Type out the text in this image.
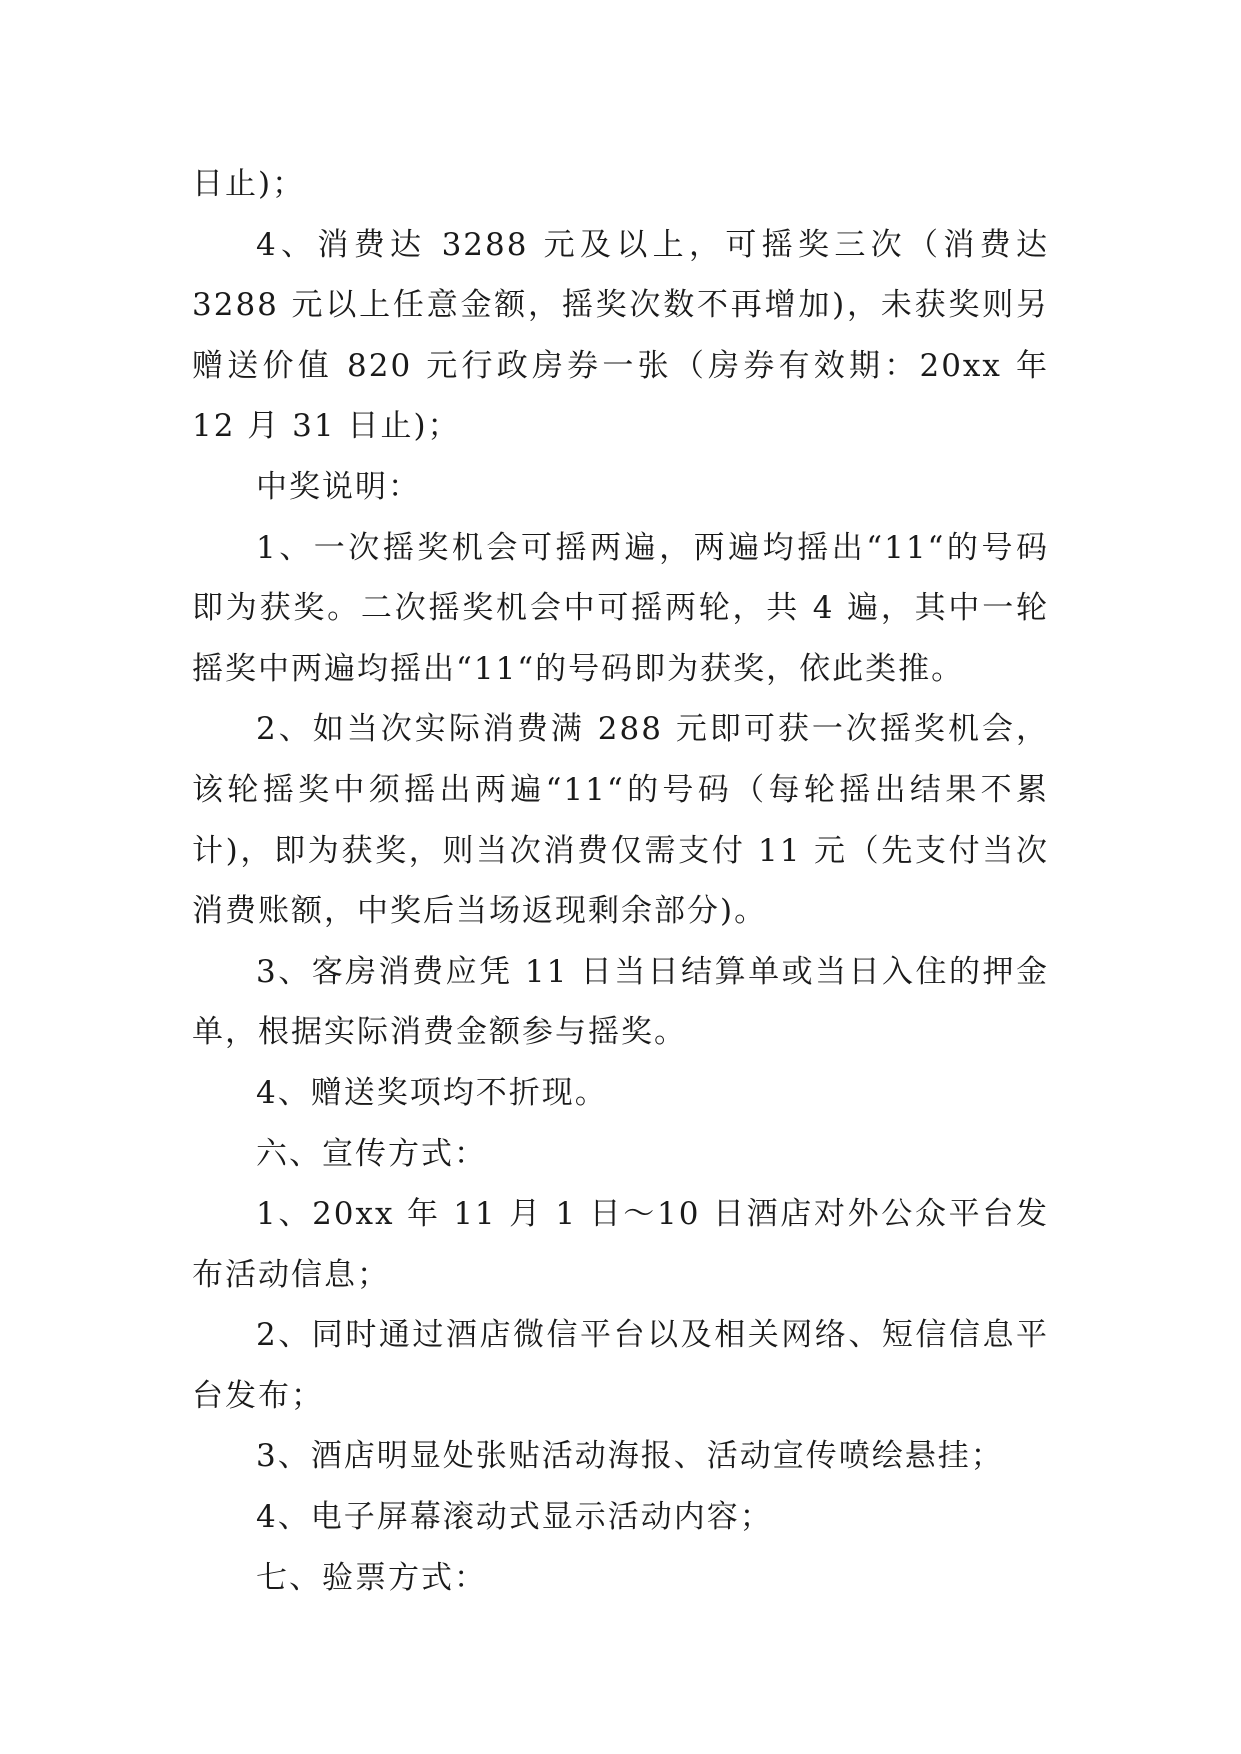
日止)；

4、消费达 3288 元及以上，可摇奖三次（消费达 3288 元以上任意金额，摇奖次数不再增加)，未获奖则另赠送价值 820 元行政房券一张（房券有效期：20xx 年 12 月 31 日止)；

中奖说明：

1、一次摇奖机会可摇两遍，两遍均摇出“11“的号码即为获奖。二次摇奖机会中可摇两轮，共 4 遍，其中一轮摇奖中两遍均摇出“11“的号码即为获奖，依此类推。

2、如当次实际消费满 288 元即可获一次摇奖机会，该轮摇奖中须摇出两遍“11“的号码（每轮摇出结果不累计)，即为获奖，则当次消费仅需支付 11 元（先支付当次消费账额，中奖后当场返现剩余部分)。

3、客房消费应凭 11 日当日结算单或当日入住的押金单，根据实际消费金额参与摇奖。

4、赠送奖项均不折现。

六、宣传方式：

1、20xx 年 11 月 1 日～10 日酒店对外公众平台发布活动信息；

2、同时通过酒店微信平台以及相关网络、短信信息平台发布；

3、酒店明显处张贴活动海报、活动宣传喷绘悬挂；

4、电子屏幕滚动式显示活动内容；

七、验票方式：
